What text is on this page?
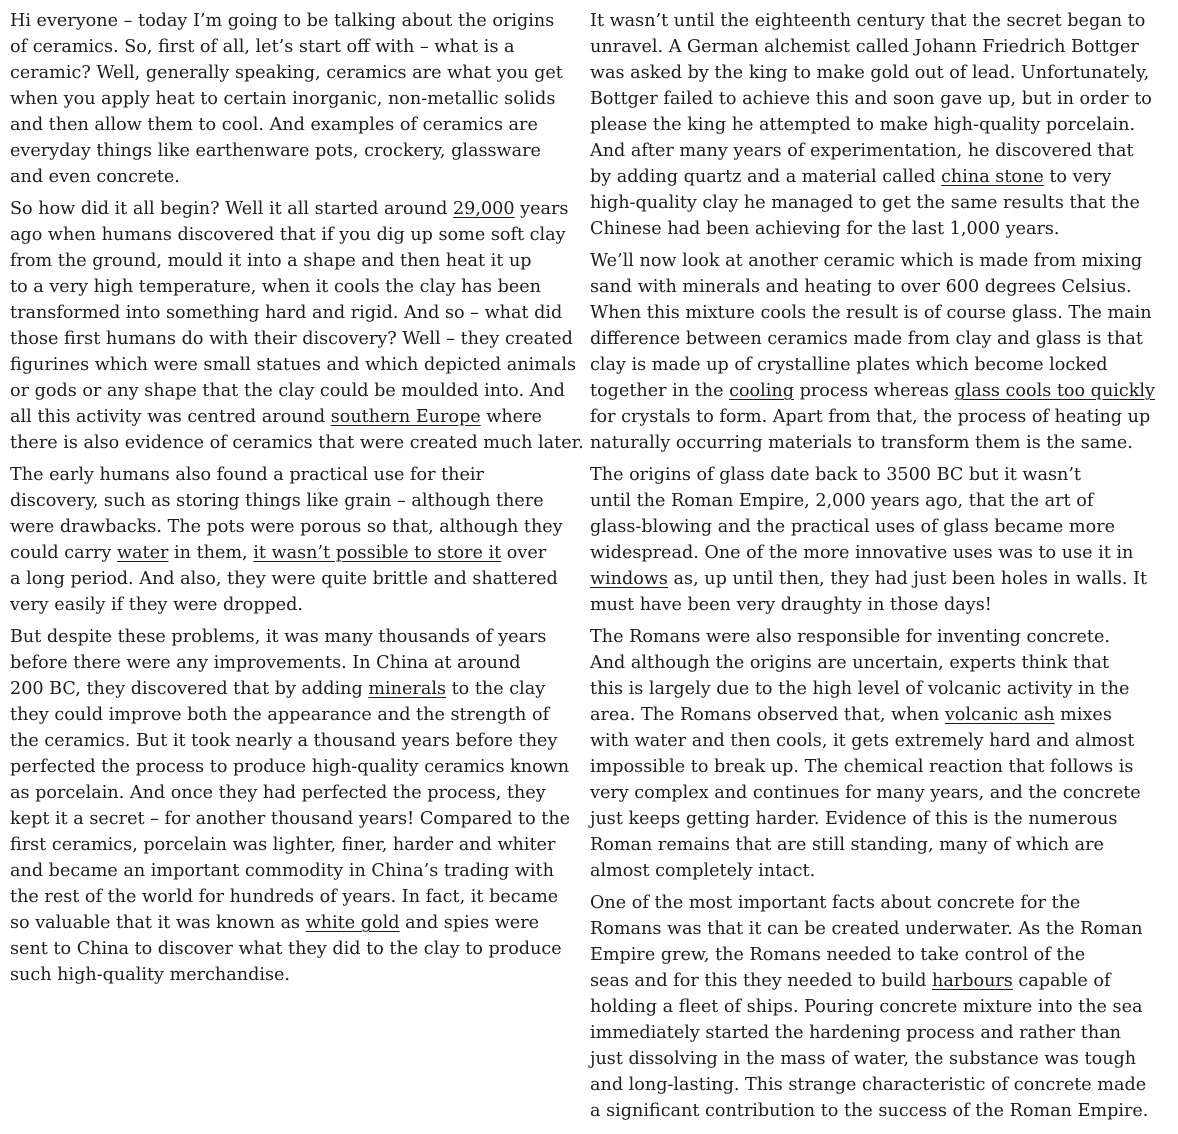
Hi everyone – today I’m going to be talking about the origins
of ceramics. So, first of all, let’s start off with – what is a
ceramic? Well, generally speaking, ceramics are what you get
when you apply heat to certain inorganic, non-metallic solids
and then allow them to cool. And examples of ceramics are
everyday things like earthenware pots, crockery, glassware
and even concrete.

So how did it all begin? Well it all started around 29,000 years
ago when humans discovered that if you dig up some soft clay
from the ground, mould it into a shape and then heat it up
to a very high temperature, when it cools the clay has been
transformed into something hard and rigid. And so – what did
those first humans do with their discovery? Well – they created
figurines which were small statues and which depicted animals
or gods or any shape that the clay could be moulded into. And
all this activity was centred around southern Europe where
there is also evidence of ceramics that were created much later.

The early humans also found a practical use for their
discovery, such as storing things like grain – although there
were drawbacks. The pots were porous so that, although they
could carry water in them, it wasn’t possible to store it over
a long period. And also, they were quite brittle and shattered
very easily if they were dropped.

But despite these problems, it was many thousands of years
before there were any improvements. In China at around
200 BC, they discovered that by adding minerals to the clay
they could improve both the appearance and the strength of
the ceramics. But it took nearly a thousand years before they
perfected the process to produce high-quality ceramics known
as porcelain. And once they had perfected the process, they
kept it a secret – for another thousand years! Compared to the
first ceramics, porcelain was lighter, finer, harder and whiter
and became an important commodity in China’s trading with
the rest of the world for hundreds of years. In fact, it became
so valuable that it was known as white gold and spies were
sent to China to discover what they did to the clay to produce
such high-quality merchandise.

It wasn’t until the eighteenth century that the secret began to
unravel. A German alchemist called Johann Friedrich Bottger
was asked by the king to make gold out of lead. Unfortunately,
Bottger failed to achieve this and soon gave up, but in order to
please the king he attempted to make high-quality porcelain.
And after many years of experimentation, he discovered that
by adding quartz and a material called china stone to very
high-quality clay he managed to get the same results that the
Chinese had been achieving for the last 1,000 years.

We’ll now look at another ceramic which is made from mixing
sand with minerals and heating to over 600 degrees Celsius.
When this mixture cools the result is of course glass. The main
difference between ceramics made from clay and glass is that
clay is made up of crystalline plates which become locked
together in the cooling process whereas glass cools too quickly
for crystals to form. Apart from that, the process of heating up
naturally occurring materials to transform them is the same.

The origins of glass date back to 3500 BC but it wasn’t
until the Roman Empire, 2,000 years ago, that the art of
glass-blowing and the practical uses of glass became more
widespread. One of the more innovative uses was to use it in
windows as, up until then, they had just been holes in walls. It
must have been very draughty in those days!

The Romans were also responsible for inventing concrete.
And although the origins are uncertain, experts think that
this is largely due to the high level of volcanic activity in the
area. The Romans observed that, when volcanic ash mixes
with water and then cools, it gets extremely hard and almost
impossible to break up. The chemical reaction that follows is
very complex and continues for many years, and the concrete
just keeps getting harder. Evidence of this is the numerous
Roman remains that are still standing, many of which are
almost completely intact.

One of the most important facts about concrete for the
Romans was that it can be created underwater. As the Roman
Empire grew, the Romans needed to take control of the
seas and for this they needed to build harbours capable of
holding a fleet of ships. Pouring concrete mixture into the sea
immediately started the hardening process and rather than
just dissolving in the mass of water, the substance was tough
and long-lasting. This strange characteristic of concrete made
a significant contribution to the success of the Roman Empire.
